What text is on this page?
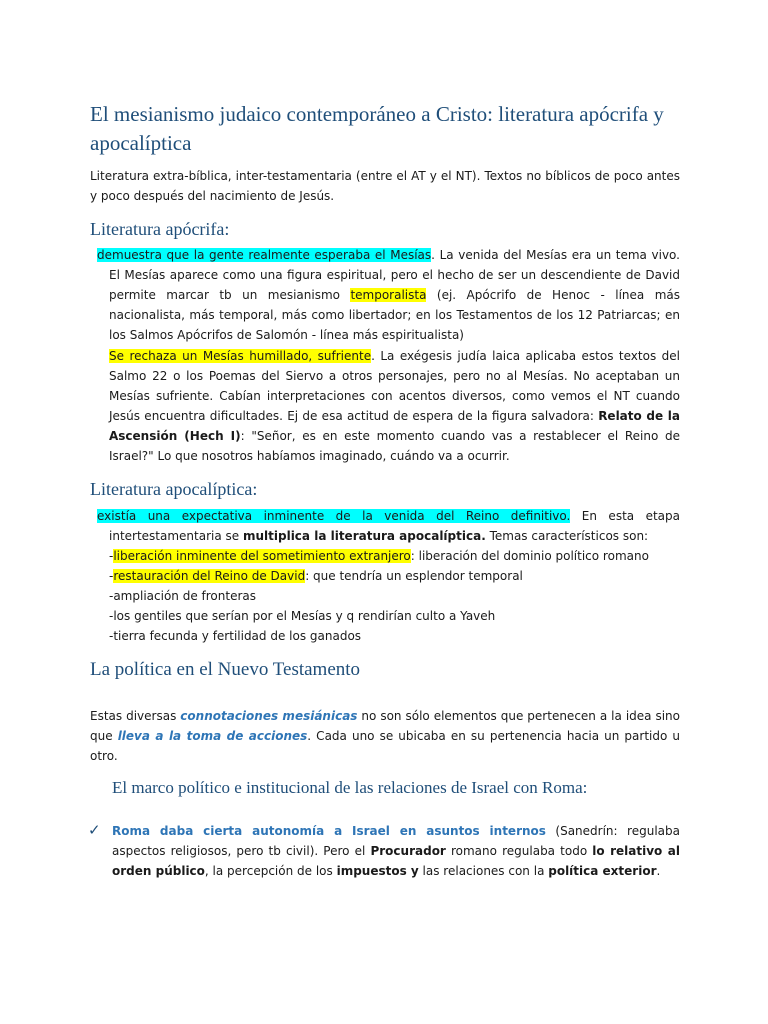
El mesianismo judaico contemporáneo a Cristo: literatura apócrifa y apocalíptica
Literatura extra-bíblica, inter-testamentaria (entre el AT y el NT). Textos no bíblicos de poco antes y poco después del nacimiento de Jesús.
Literatura apócrifa:
demuestra que la gente realmente esperaba el Mesías. La venida del Mesías era un tema vivo. El Mesías aparece como una figura espiritual, pero el hecho de ser un descendiente de David permite marcar tb un mesianismo temporalista (ej. Apócrifo de Henoc - línea más nacionalista, más temporal, más como libertador; en los Testamentos de los 12 Patriarcas; en los Salmos Apócrifos de Salomón - línea más espiritualista)
Se rechaza un Mesías humillado, sufriente. La exégesis judía laica aplicaba estos textos del Salmo 22 o los Poemas del Siervo a otros personajes, pero no al Mesías. No aceptaban un Mesías sufriente. Cabían interpretaciones con acentos diversos, como vemos el NT cuando Jesús encuentra dificultades. Ej de esa actitud de espera de la figura salvadora: Relato de la Ascensión (Hech I): "Señor, es en este momento cuando vas a restablecer el Reino de Israel?" Lo que nosotros habíamos imaginado, cuándo va a ocurrir.
Literatura apocalíptica:
existía una expectativa inminente de la venida del Reino definitivo. En esta etapa intertestamentaria se multiplica la literatura apocalíptica. Temas característicos son:
-liberación inminente del sometimiento extranjero: liberación del dominio político romano
-restauración del Reino de David: que tendría un esplendor temporal
-ampliación de fronteras
-los gentiles que serían por el Mesías y q rendirían culto a Yaveh
-tierra fecunda y fertilidad de los ganados
La política en el Nuevo Testamento
Estas diversas connotaciones mesiánicas no son sólo elementos que pertenecen a la idea sino que lleva a la toma de acciones. Cada uno se ubicaba en su pertenencia hacia un partido u otro.
El marco político e institucional de las relaciones de Israel con Roma:
✓ Roma daba cierta autonomía a Israel en asuntos internos (Sanedrín: regulaba aspectos religiosos, pero tb civil). Pero el Procurador romano regulaba todo lo relativo al orden público, la percepción de los impuestos y las relaciones con la política exterior.
